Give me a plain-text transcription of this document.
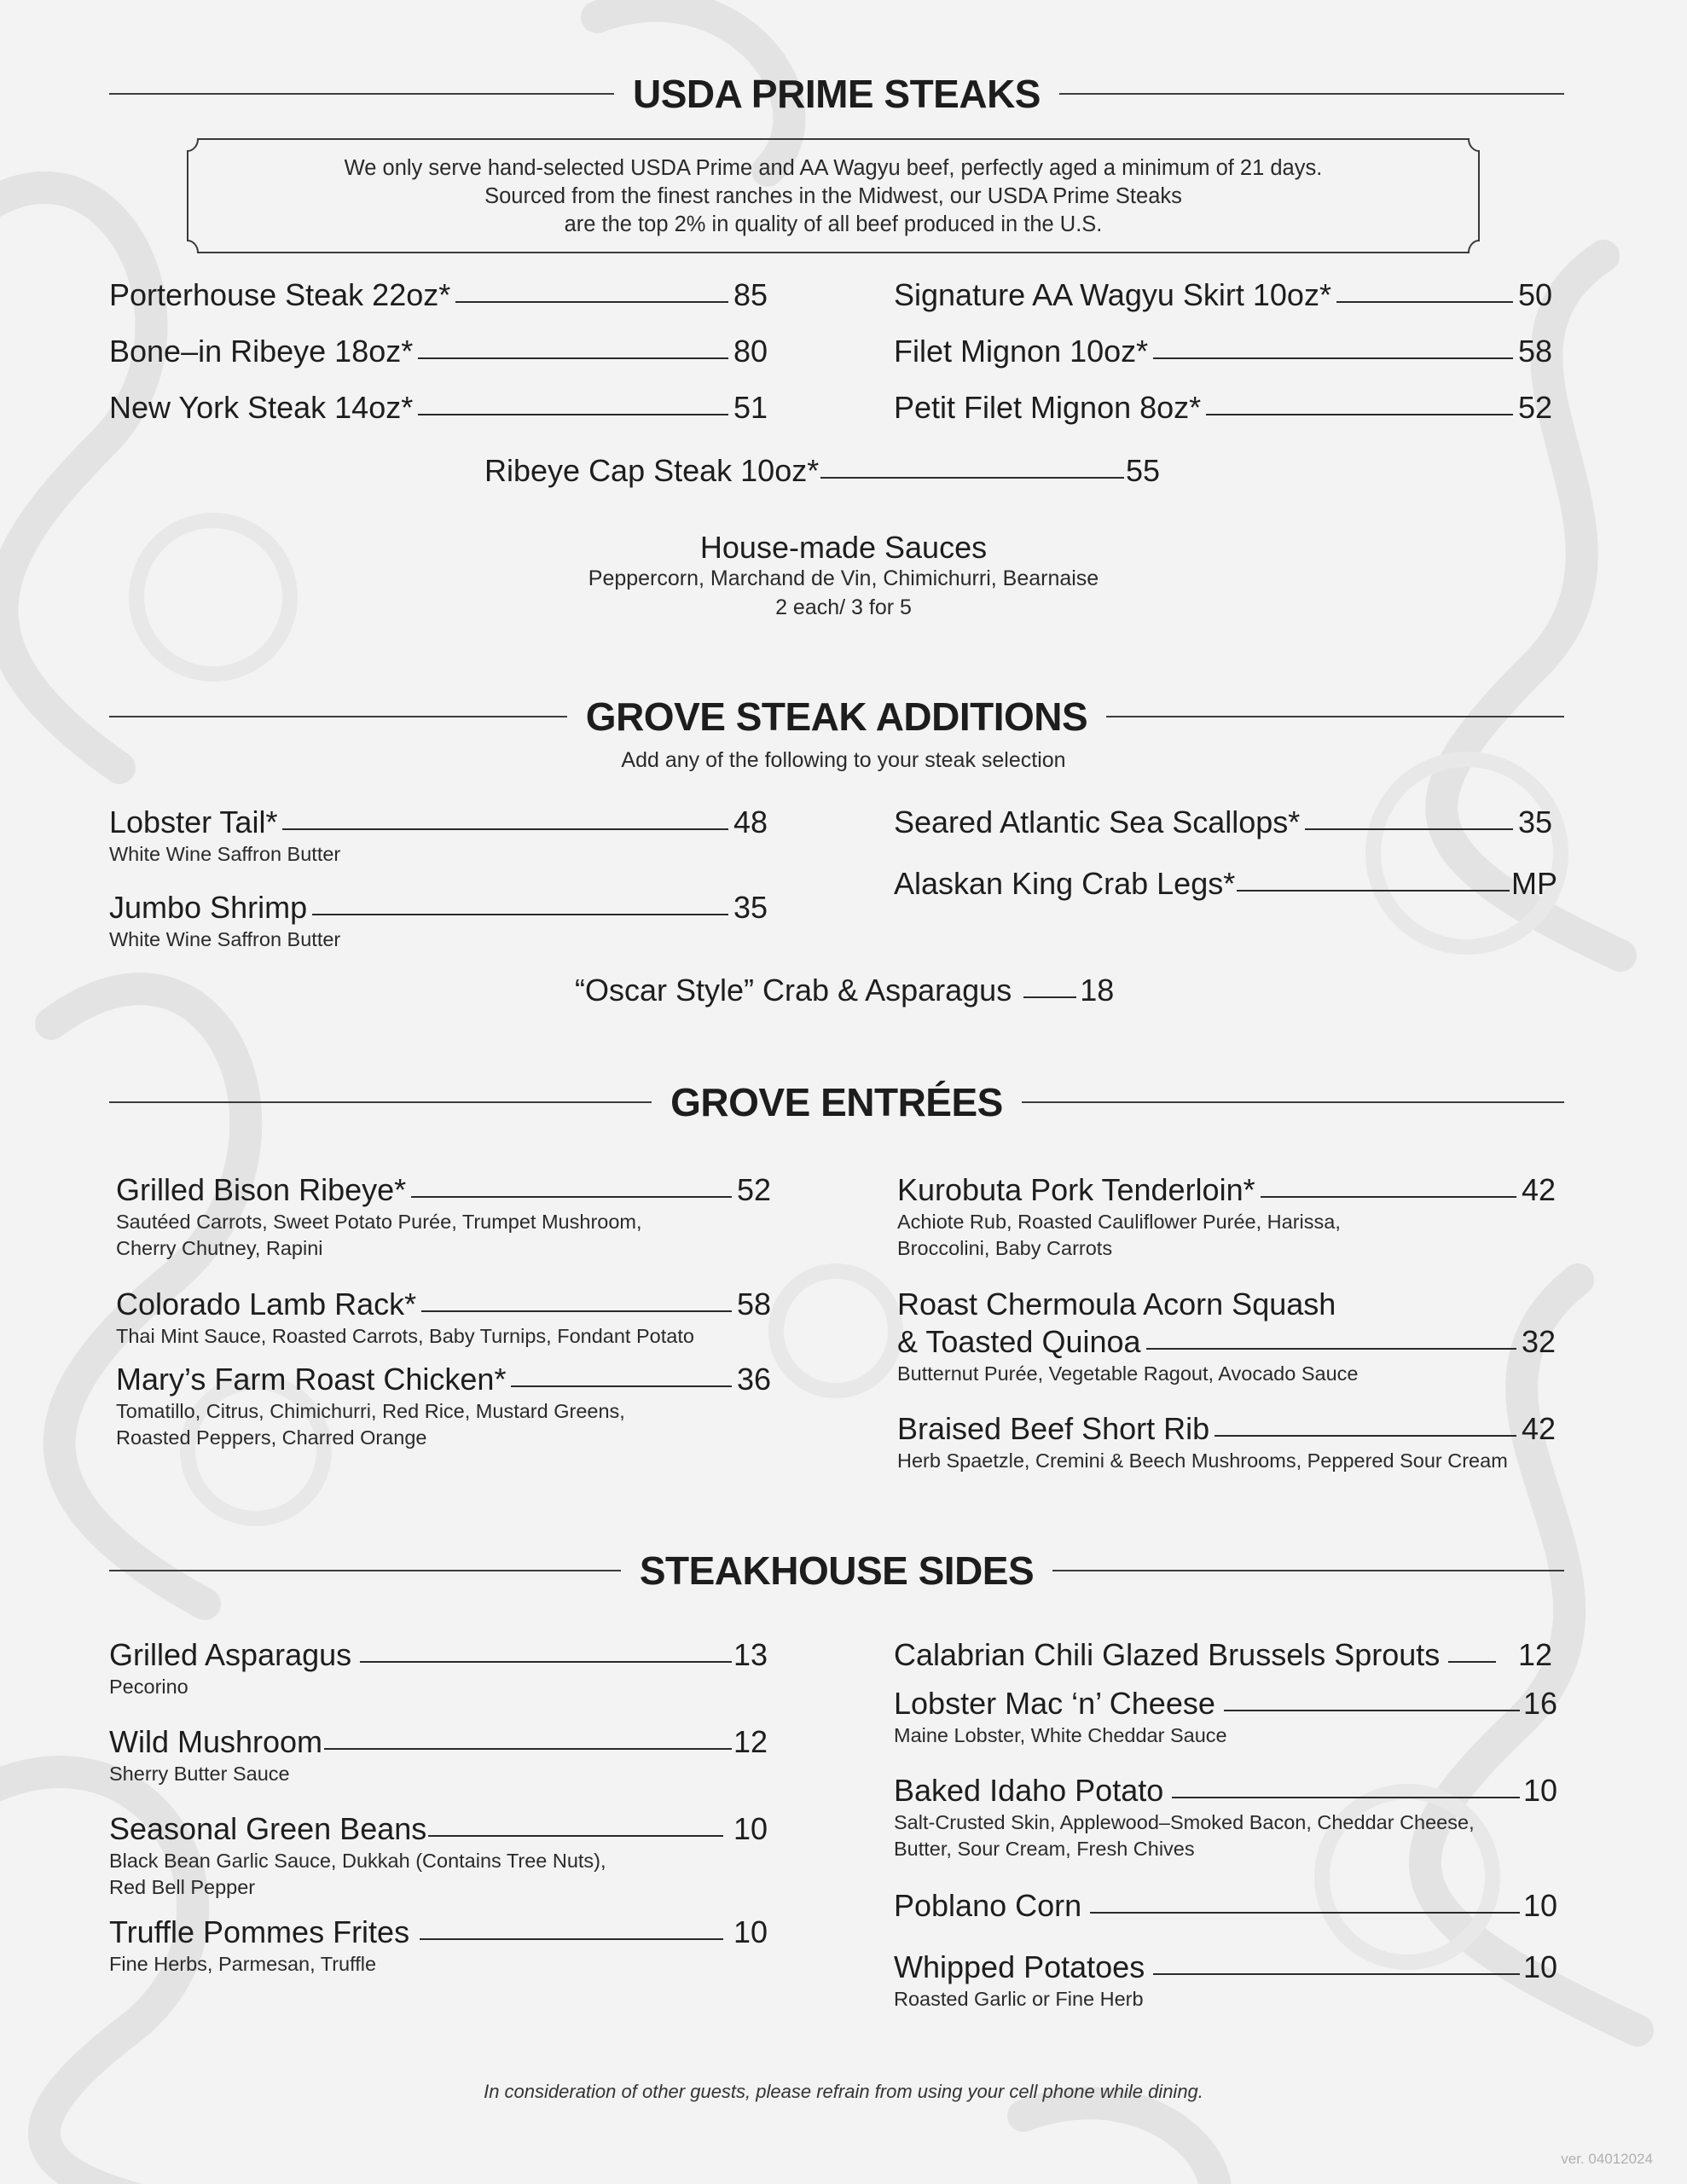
USDA PRIME STEAKS
We only serve hand-selected USDA Prime and AA Wagyu beef, perfectly aged a minimum of 21 days.
Sourced from the finest ranches in the Midwest, our USDA Prime Steaks
are the top 2% in quality of all beef produced in the U.S.
Porterhouse Steak 22oz*	85
Bone–in Ribeye 18oz*	80
New York Steak 14oz*	51
Signature AA Wagyu Skirt 10oz*	50
Filet Mignon 10oz*	58
Petit Filet Mignon 8oz*	52
Ribeye Cap Steak 10oz*	55
House-made Sauces
Peppercorn, Marchand de Vin, Chimichurri, Bearnaise
2 each/ 3 for 5
GROVE STEAK ADDITIONS
Add any of the following to your steak selection
Lobster Tail*	48
White Wine Saffron Butter
Jumbo Shrimp	35
White Wine Saffron Butter
Seared Atlantic Sea Scallops*	35
Alaskan King Crab Legs*	MP
“Oscar Style” Crab & Asparagus 18
GROVE ENTRÉES
Grilled Bison Ribeye*	52
Sautéed Carrots, Sweet Potato Purée, Trumpet Mushroom,
Cherry Chutney, Rapini
Colorado Lamb Rack*	58
Thai Mint Sauce, Roasted Carrots, Baby Turnips, Fondant Potato
Mary’s Farm Roast Chicken*	36
Tomatillo, Citrus, Chimichurri, Red Rice, Mustard Greens,
Roasted Peppers, Charred Orange
Kurobuta Pork Tenderloin*	42
Achiote Rub, Roasted Cauliflower Purée, Harissa,
Broccolini, Baby Carrots
Roast Chermoula Acorn Squash
& Toasted Quinoa	32
Butternut Purée, Vegetable Ragout, Avocado Sauce
Braised Beef Short Rib	42
Herb Spaetzle, Cremini & Beech Mushrooms, Peppered Sour Cream
STEAKHOUSE SIDES
Grilled Asparagus	13
Pecorino
Wild Mushroom	12
Sherry Butter Sauce
Seasonal Green Beans	10
Black Bean Garlic Sauce, Dukkah (Contains Tree Nuts),
Red Bell Pepper
Truffle Pommes Frites	10
Fine Herbs, Parmesan, Truffle
Calabrian Chili Glazed Brussels Sprouts	12
Lobster Mac ‘n’ Cheese	16
Maine Lobster, White Cheddar Sauce
Baked Idaho Potato	10
Salt-Crusted Skin, Applewood–Smoked Bacon, Cheddar Cheese,
Butter, Sour Cream, Fresh Chives
Poblano Corn	10
Whipped Potatoes	10
Roasted Garlic or Fine Herb
In consideration of other guests, please refrain from using your cell phone while dining.
ver. 04012024
